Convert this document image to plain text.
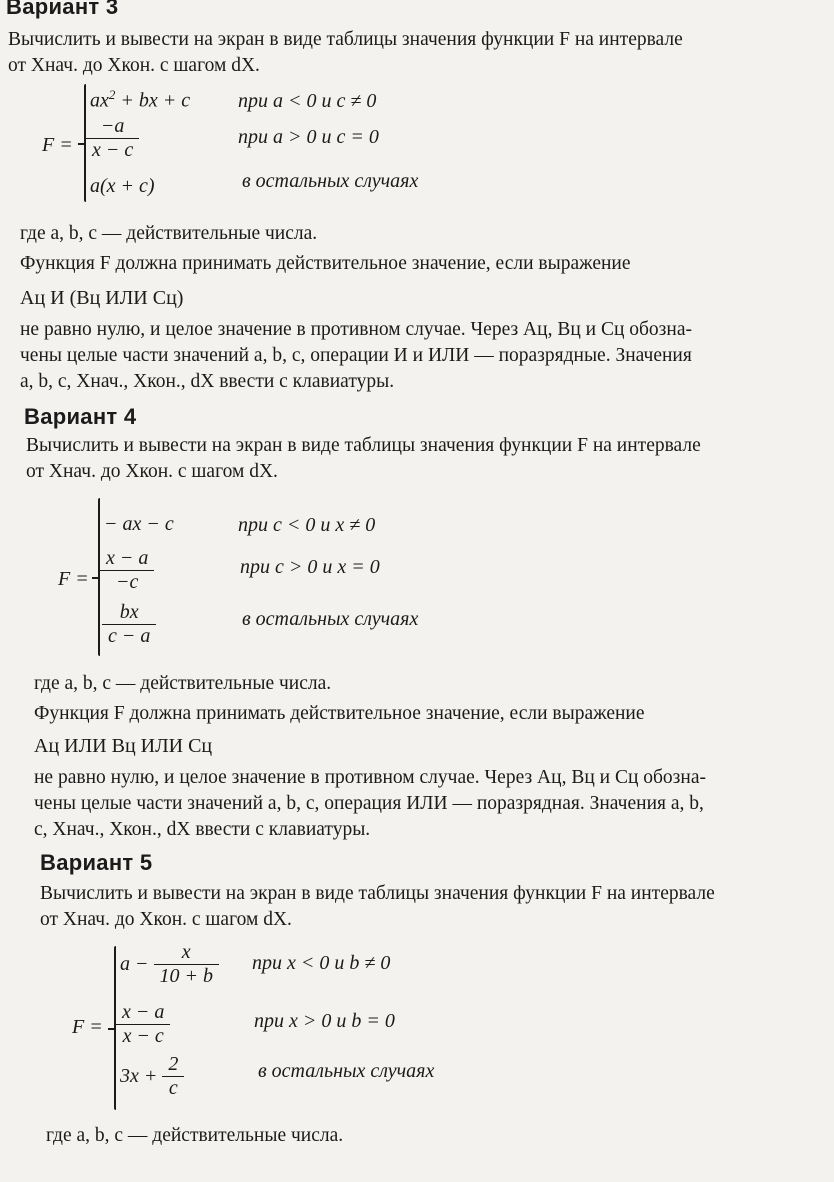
Вариант 3

Вычислить и вывести на экран в виде таблицы значения функции F на интервале

от Хнач. до Хкон. с шагом dX.

F =
$ax^2$ + bx + c
$\frac{-a}{x - c}$
a(x + c)
при a < 0 и c ≠ 0
при a > 0 и c = 0
в остальных случаях

где a, b, c — действительные числа.

Функция F должна принимать действительное значение, если выражение

Ац И (Вц ИЛИ Сц)

не равно нулю, и целое значение в противном случае. Через Ац, Вц и Сц обозна-

чены целые части значений a, b, c, операции И и ИЛИ — поразрядные. Значения

a, b, c, Хнач., Хкон., dX ввести с клавиатуры.

Вариант 4

Вычислить и вывести на экран в виде таблицы значения функции F на интервале

от Хнач. до Хкон. с шагом dX.

F =
− ax − c
$\frac{x - a}{-c}$
$\frac{bx}{c - a}$
при c < 0 и x ≠ 0
при c > 0 и x = 0
в остальных случаях

где a, b, c — действительные числа.

Функция F должна принимать действительное значение, если выражение

Ац ИЛИ Вц ИЛИ Сц

не равно нулю, и целое значение в противном случае. Через Ац, Вц и Сц обозна-

чены целые части значений a, b, c, операция ИЛИ — поразрядная. Значения a, b,

c, Хнач., Хкон., dX ввести с клавиатуры.

Вариант 5

Вычислить и вывести на экран в виде таблицы значения функции F на интервале

от Хнач. до Хкон. с шагом dX.

F =
$a - \frac{x}{10 + b}$
$\frac{x - a}{x - c}$
$3x + \frac{2}{c}$
при x < 0 и b ≠ 0
при x > 0 и b = 0
в остальных случаях

где a, b, c — действительные числа.
